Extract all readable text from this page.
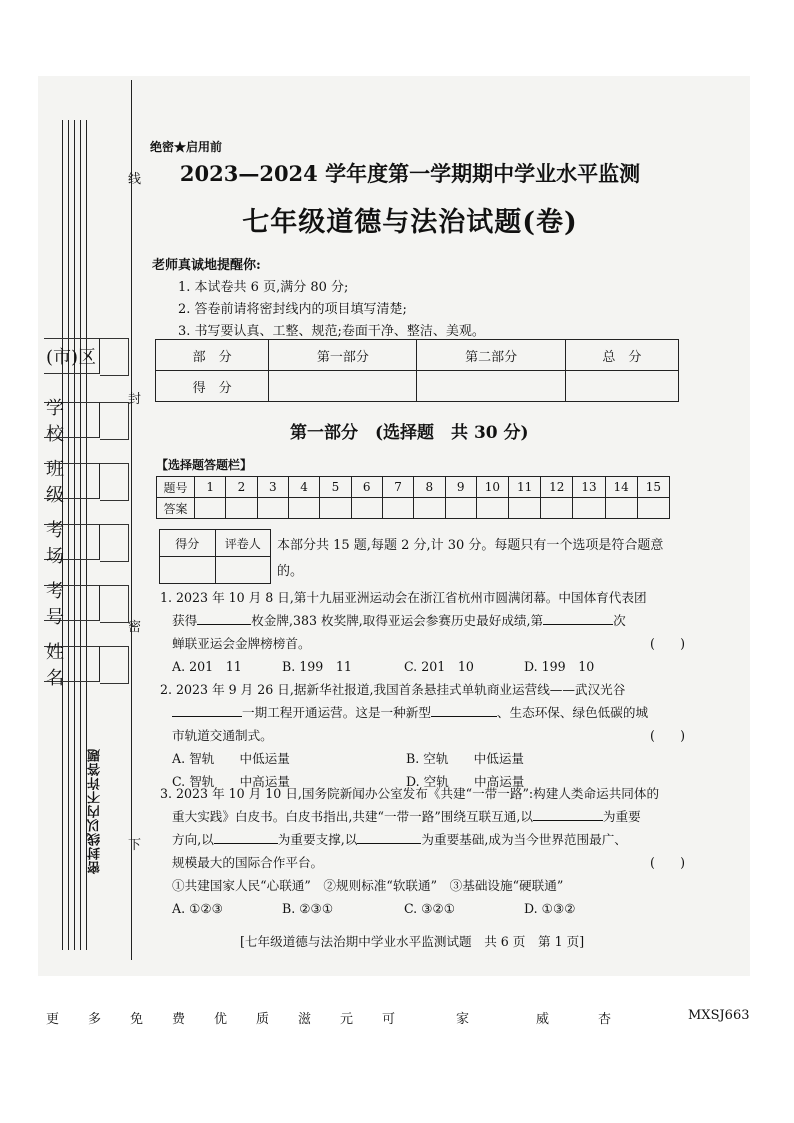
(市)区
学　校
班　级
考　场
考　号
姓　名
线
封
密
下
密封线以内不许答题
绝密★启用前
2023—2024 学年度第一学期期中学业水平监测
七年级道德与法治试题(卷)
老师真诚地提醒你:
1. 本试卷共 6 页,满分 80 分;
2. 答卷前请将密封线内的项目填写清楚;
3. 书写要认真、工整、规范;卷面干净、整洁、美观。
部　分	第一部分	第二部分	总　分
得　分			
第一部分　(选择题　共 30 分)
【选择题答题栏】
题号	1	2	3	4	5	6	7	8	9	10	11	12	13	14	15
答案															
得分	评卷人
	本部分共 15 题,每题 2 分,计 30 分。每题只有一个选项是符合题意的。
1. 2023 年 10 月 8 日,第十九届亚洲运动会在浙江省杭州市圆满闭幕。中国体育代表团
获得	枚金牌,383 枚奖牌,取得亚运会参赛历史最好成绩,第	次
蝉联亚运会金牌榜榜首。	(　　)
A. 201　11	B. 199　11	C. 201　10	D. 199　10
2. 2023 年 9 月 26 日,据新华社报道,我国首条悬挂式单轨商业运营线——武汉光谷
一期工程开通运营。这是一种新型	、生态环保、绿色低碳的城
市轨道交通制式。	(　　)
A. 智轨　　中低运量	B. 空轨　　中低运量
C. 智轨　　中高运量	D. 空轨　　中高运量
3. 2023 年 10 月 10 日,国务院新闻办公室发布《共建“一带一路”:构建人类命运共同体的
重大实践》白皮书。白皮书指出,共建“一带一路”围绕互联互通,以	为重要
方向,以	为重要支撑,以	为重要基础,成为当今世界范围最广、
规模最大的国际合作平台。	(　　)
①共建国家人民“心联通”　②规则标准“软联通”　③基础设施“硬联通”
A. ①②③	B. ②③①	C. ③②①	D. ①③②
[七年级道德与法治期中学业水平监测试题　共 6 页　第 1 页]
更 多 免 费 优 质 滋 元 可	家	威	杏	MXSJ663
